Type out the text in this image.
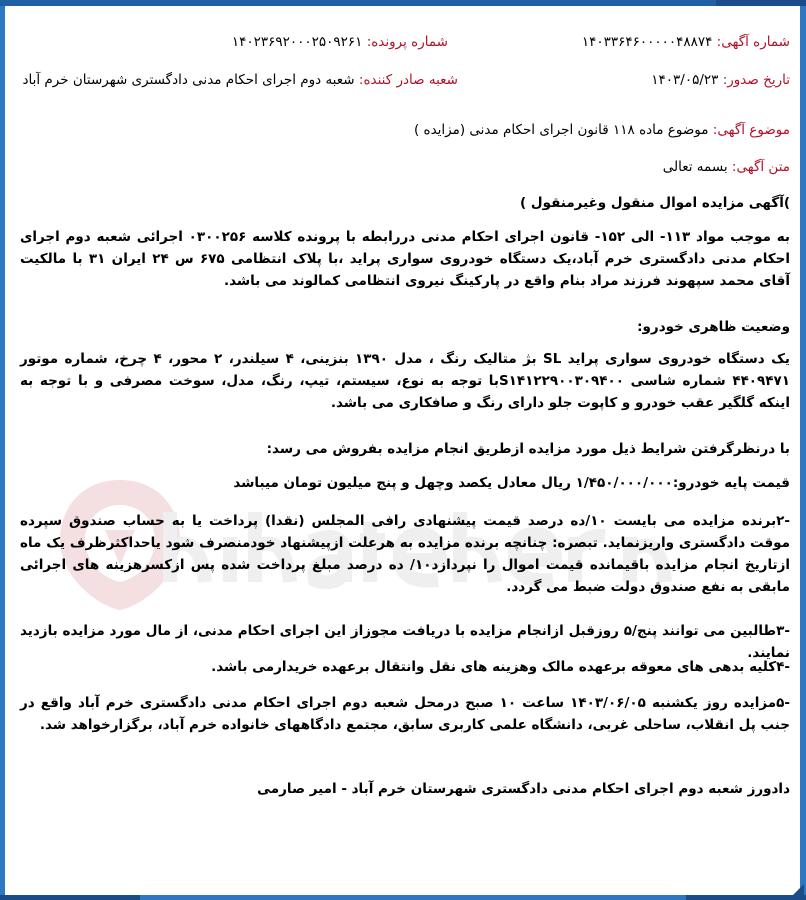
شماره آگهی: ۱۴۰۳۳۶۴۶۰۰۰۰۰۴۸۸۷۴
شماره پرونده: ۱۴۰۲۳۶۹۲۰۰۰۲۵۰۹۲۶۱
تاریخ صدور: ۱۴۰۳/۰۵/۲۳
شعبه صادر کننده: شعبه دوم اجرای احکام مدنی دادگستری شهرستان خرم آباد
موضوع آگهی: موضوع ماده ۱۱۸ قانون اجرای احکام مدنی (مزایده )
متن آگهی: بسمه تعالی
)آگهی مزایده اموال منقول وغیرمنقول )
به موجب مواد ۱۱۳- الی ۱۵۲- قانون اجرای احکام مدنی دررابطه با پرونده کلاسه ۰۳۰۰۲۵۶ اجرائی شعبه دوم اجرای احکام مدنی دادگستری خرم آباد،یک دستگاه خودروی سواری پراید ،با پلاک انتظامی ۶۷۵ س ۲۴ ایران ۳۱ با مالکیت آقای محمد سپهوند فرزند مراد بنام واقع در پارکینگ نیروی انتظامی کمالوند می باشد.
وضعیت ظاهری خودرو:
یک دستگاه خودروی سواری پراید SL بژ متالیک رنگ ، مدل ۱۳۹۰ بنزینی، ۴ سیلندر، ۲ محور، ۴ چرخ، شماره موتور ۴۴۰۹۴۷۱ شماره شاسی S۱۴۱۲۲۹۰۰۳۰۹۴۰۰با توجه به نوع، سیستم، تیپ، رنگ، مدل، سوخت مصرفی و با توجه به اینکه گلگیر عقب خودرو و کاپوت جلو دارای رنگ و صافکاری می باشد.
با درنظرگرفتن شرایط ذیل مورد مزایده ازطریق انجام مزایده بفروش می رسد:
قیمت پایه خودرو:۱/۴۵۰/۰۰۰/۰۰۰ ریال معادل یکصد وچهل و پنج میلیون تومان میباشد
-۲برنده مزایده می بایست ۱۰/ده درصد قیمت پیشنهادی رافی المجلس (نقدا) پرداخت یا به حساب صندوق سپرده موقت دادگستری واریزنماید. تبصره: چنانچه برنده مزایده به هرعلت ازپیشنهاد خودمنصرف شود یاحداکثرظرف یک ماه ازتاریخ انجام مزایده باقیمانده قیمت اموال را نپردازد۱۰/ ده درصد مبلغ پرداخت شده پس ازکسرهزینه های اجرائی مابقی به نفع صندوق دولت ضبط می گردد.
-۳طالبین می توانند پنج/۵ روزقبل ازانجام مزایده با دریافت مجوزاز این اجرای احکام مدنی، از مال مورد مزایده بازدید نمایند.
-۴کلیه بدهی های معوقه برعهده مالک وهزینه های نقل وانتقال برعهده خریدارمی باشد.
-۵مزایده روز یکشنبه ۱۴۰۳/۰۶/۰۵ ساعت ۱۰ صبح درمحل شعبه دوم اجرای احکام مدنی دادگستری خرم آباد واقع در جنب پل انقلاب، ساحلی غربی، دانشگاه علمی کاربری سابق، مجتمع دادگاههای خانواده خرم آباد، برگزارخواهد شد.
دادورز شعبه دوم اجرای احکام مدنی دادگستری شهرستان خرم آباد - امیر صارمی
